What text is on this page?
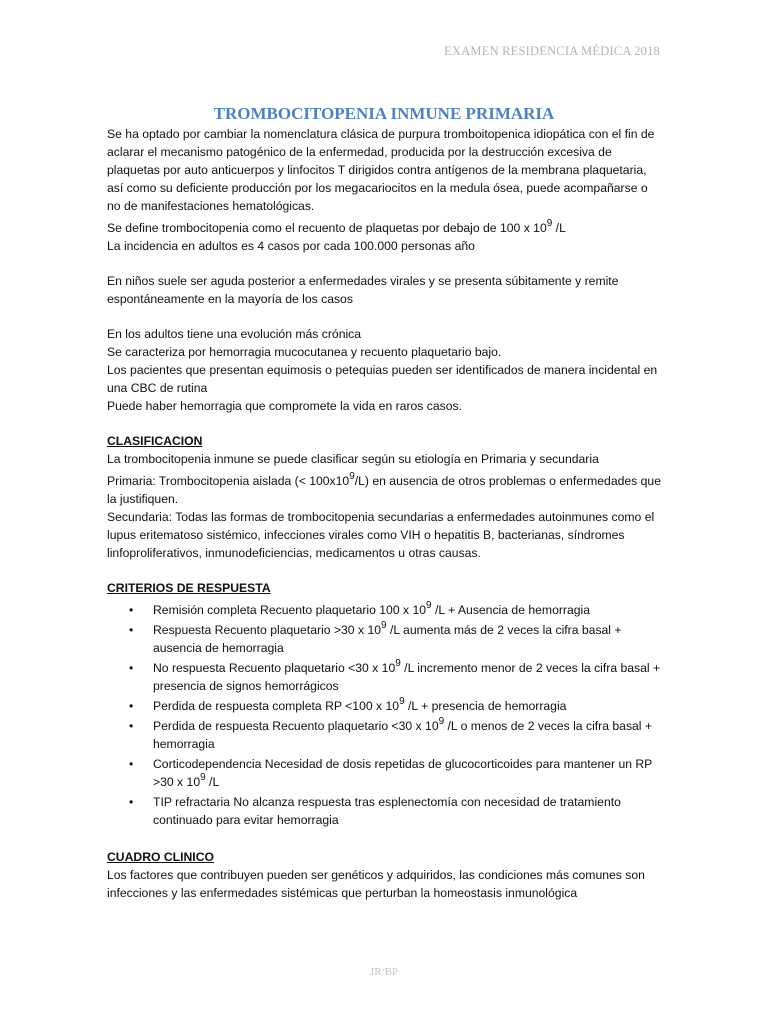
EXAMEN RESIDENCIA MÉDICA 2018
TROMBOCITOPENIA INMUNE PRIMARIA

Se ha optado por cambiar la nomenclatura clásica de purpura tromboitopenica idiopática con el fin de aclarar el mecanismo patogénico de la enfermedad, producida por la destrucción excesiva de plaquetas por auto anticuerpos y linfocitos T dirigidos contra antígenos de la membrana plaquetaria, así como su deficiente producción por los megacariocitos en la medula ósea, puede acompañarse o no de manifestaciones hematológicas.

Se define trombocitopenia como el recuento de plaquetas por debajo de 100 x $10^9$ /L

La incidencia en adultos es 4 casos por cada 100.000 personas año

En niños suele ser aguda posterior a enfermedades virales y se presenta súbitamente y remite espontáneamente en la mayoría de los casos

En los adultos tiene una evolución más crónica

Se caracteriza por hemorragia mucocutanea y recuento plaquetario bajo.

Los pacientes que presentan equimosis o petequias pueden ser identificados de manera incidental en una CBC de rutina

Puede haber hemorragia que compromete la vida en raros casos.

CLASIFICACION

La trombocitopenia inmune se puede clasificar según su etiología en Primaria y secundaria

Primaria: Trombocitopenia aislada (< $100x10^9/L$) en ausencia de otros problemas o enfermedades que la justifiquen.

Secundaria: Todas las formas de trombocitopenia secundarias a enfermedades autoinmunes como el lupus eritematoso sistémico, infecciones virales como VIH o hepatitis B, bacterianas, síndromes linfoproliferativos, inmunodeficiencias, medicamentos u otras causas.

CRITERIOS DE RESPUESTA

• Remisión completa Recuento plaquetario 100 x $10^9$ /L + Ausencia de hemorragia
• Respuesta Recuento plaquetario >30 x $10^9$ /L aumenta más de 2 veces la cifra basal + ausencia de hemorragia
• No respuesta Recuento plaquetario <30 x $10^9$ /L incremento menor de 2 veces la cifra basal + presencia de signos hemorrágicos
• Perdida de respuesta completa RP <100 x $10^9$ /L + presencia de hemorragia
• Perdida de respuesta Recuento plaquetario <30 x $10^9$ /L o menos de 2 veces la cifra basal + hemorragia
• Corticodependencia Necesidad de dosis repetidas de glucocorticoides para mantener un RP >30 x $10^9$ /L
• TIP refractaria No alcanza respuesta tras esplenectomía con necesidad de tratamiento continuado para evitar hemorragia

CUADRO CLINICO

Los factores que contribuyen pueden ser genéticos y adquiridos, las condiciones más comunes son infecciones y las enfermedades sistémicas que perturban la homeostasis inmunológica

JR/BP
